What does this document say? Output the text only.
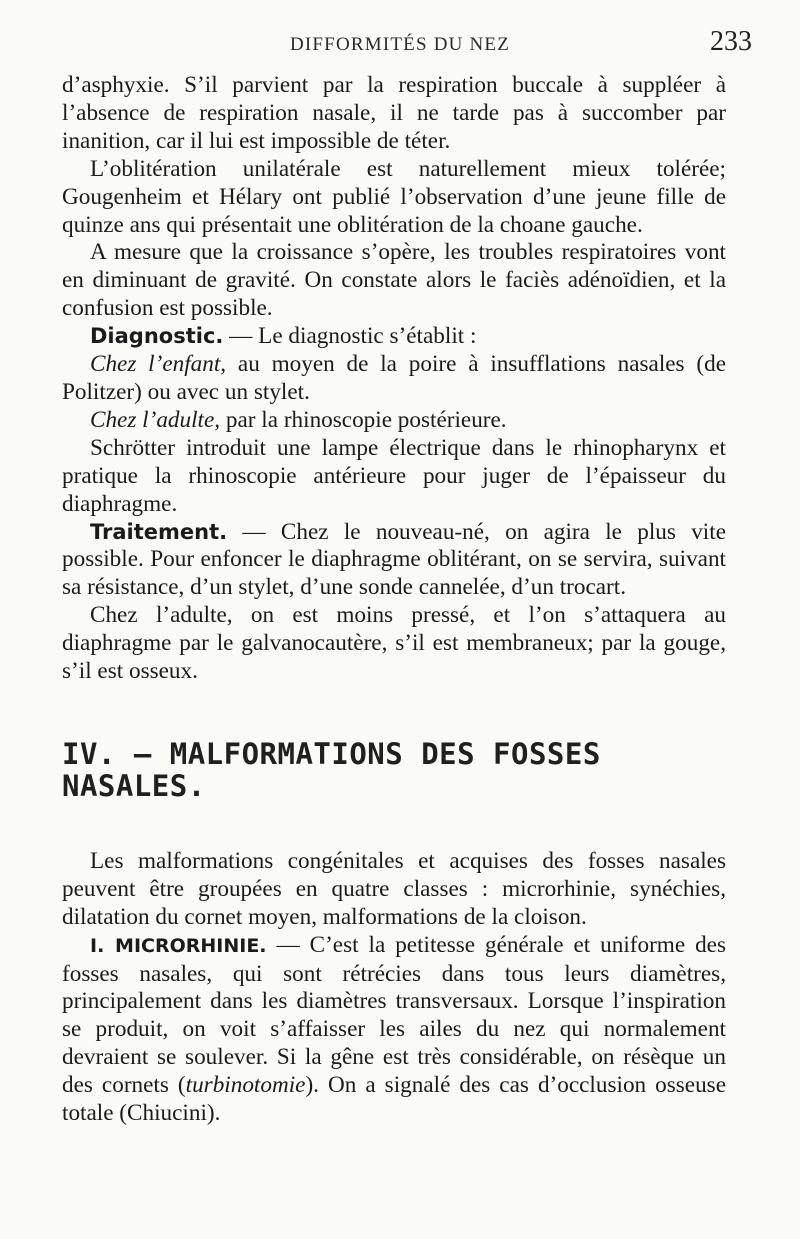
DIFFORMITÉS DU NEZ	233

d’asphyxie. S’il parvient par la respiration buccale à suppléer à l’absence de respiration nasale, il ne tarde pas à succomber par inanition, car il lui est impossible de téter.

L’oblitération unilatérale est naturellement mieux tolérée; Gougenheim et Hélary ont publié l’observation d’une jeune fille de quinze ans qui présentait une oblitération de la choane gauche.

A mesure que la croissance s’opère, les troubles respiratoires vont en diminuant de gravité. On constate alors le faciès adénoïdien, et la confusion est possible.

Diagnostic. — Le diagnostic s’établit :

Chez l’enfant, au moyen de la poire à insufflations nasales (de Politzer) ou avec un stylet.

Chez l’adulte, par la rhinoscopie postérieure.

Schrötter introduit une lampe électrique dans le rhinopharynx et pratique la rhinoscopie antérieure pour juger de l’épaisseur du diaphragme.

Traitement. — Chez le nouveau-né, on agira le plus vite possible. Pour enfoncer le diaphragme oblitérant, on se servira, suivant sa résistance, d’un stylet, d’une sonde cannelée, d’un trocart.

Chez l’adulte, on est moins pressé, et l’on s’attaquera au diaphragme par le galvanocautère, s’il est membraneux; par la gouge, s’il est osseux.

IV. — MALFORMATIONS DES FOSSES NASALES.

Les malformations congénitales et acquises des fosses nasales peuvent être groupées en quatre classes : microrhinie, synéchies, dilatation du cornet moyen, malformations de la cloison.

I. MICRORHINIE. — C’est la petitesse générale et uniforme des fosses nasales, qui sont rétrécies dans tous leurs diamètres, principalement dans les diamètres transversaux. Lorsque l’inspiration se produit, on voit s’affaisser les ailes du nez qui normalement devraient se soulever. Si la gêne est très considérable, on résèque un des cornets (turbinotomie). On a signalé des cas d’occlusion osseuse totale (Chiucini).
